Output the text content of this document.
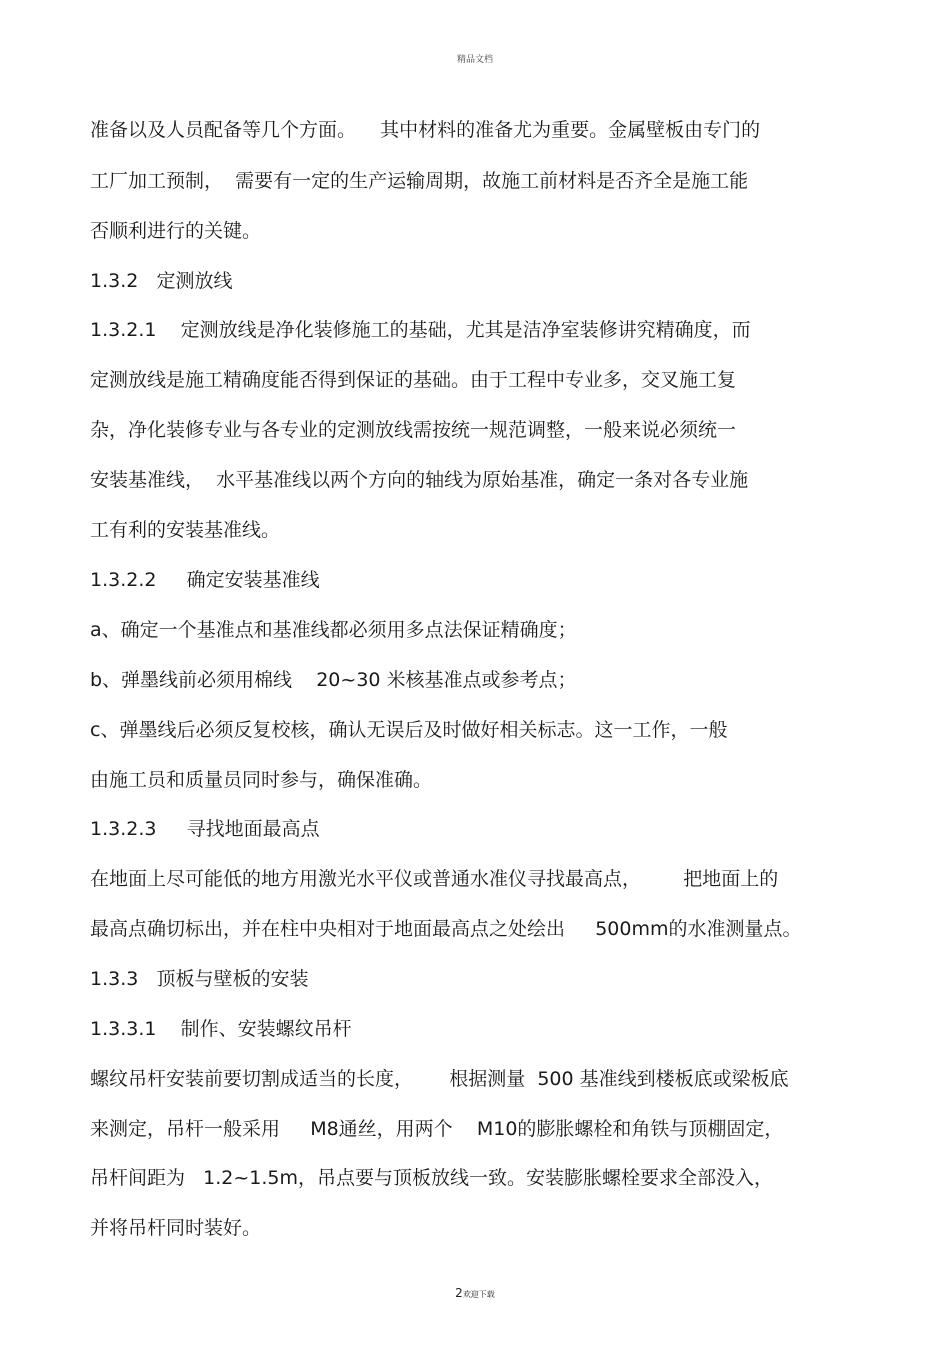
精品文档
准备以及人员配备等几个方面。    其中材料的准备尤为重要。金属壁板由专门的
工厂加工预制，  需要有一定的生产运输周期，故施工前材料是否齐全是施工能
否顺利进行的关键。
1.3.2   定测放线
1.3.2.1    定测放线是净化装修施工的基础，尤其是洁净室装修讲究精确度，而
定测放线是施工精确度能否得到保证的基础。由于工程中专业多，交叉施工复
杂，净化装修专业与各专业的定测放线需按统一规范调整，一般来说必须统一
安装基准线，  水平基准线以两个方向的轴线为原始基准，确定一条对各专业施
工有利的安装基准线。
1.3.2.2     确定安装基准线
a、确定一个基准点和基准线都必须用多点法保证精确度；
b、弹墨线前必须用棉线    20~30 米核基准点或参考点；
c、弹墨线后必须反复校核，确认无误后及时做好相关标志。这一工作，一般
由施工员和质量员同时参与，确保准确。
1.3.2.3     寻找地面最高点
在地面上尽可能低的地方用激光水平仪或普通水准仪寻找最高点，       把地面上的
最高点确切标出，并在柱中央相对于地面最高点之处绘出     500mm的水准测量点。
1.3.3   顶板与壁板的安装
1.3.3.1    制作、安装螺纹吊杆
螺纹吊杆安装前要切割成适当的长度，      根据测量  500 基准线到楼板底或梁板底
来测定，吊杆一般采用     M8通丝，用两个    M10的膨胀螺栓和角铁与顶棚固定，
吊杆间距为   1.2~1.5m，吊点要与顶板放线一致。安装膨胀螺栓要求全部没入，
并将吊杆同时装好。
2欢迎下载
